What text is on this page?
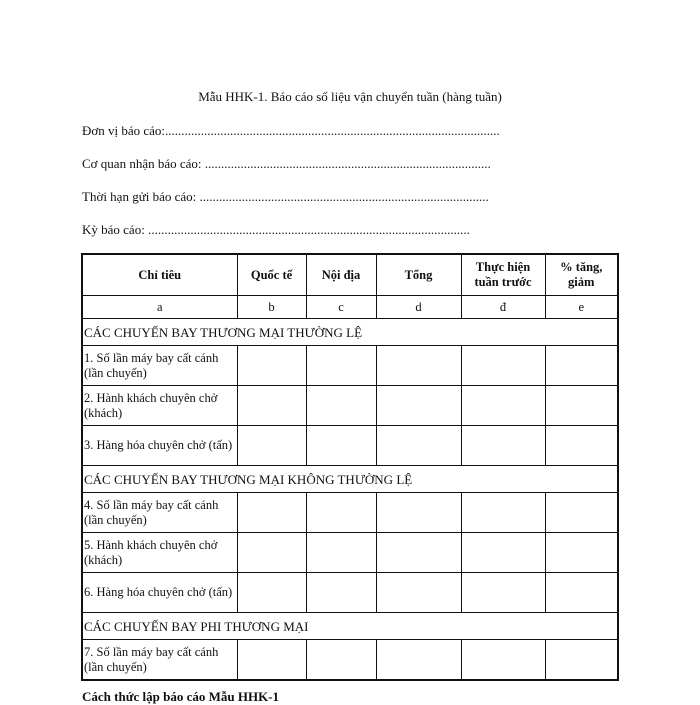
Mẫu HHK-1. Báo cáo số liệu vận chuyển tuần (hàng tuần)
Đơn vị báo cáo:.......................................................................................................
Cơ quan nhận báo cáo: ........................................................................................
Thời hạn gửi báo cáo: .........................................................................................
Kỳ báo cáo: ...................................................................................................
Chỉ tiêu	Quốc tế	Nội địa	Tổng	Thực hiện tuần trước	% tăng, giảm
a	b	c	d	đ	e
CÁC CHUYẾN BAY THƯƠNG MẠI THƯỜNG LỆ					
1. Số lần máy bay cất cánh (lần chuyến)					
2. Hành khách chuyên chở (khách)					
3. Hàng hóa chuyên chở (tấn)					
CÁC CHUYẾN BAY THƯƠNG MẠI KHÔNG THƯỜNG LỆ					
4. Số lần máy bay cất cánh (lần chuyến)					
5. Hành khách chuyên chở (khách)					
6. Hàng hóa chuyên chở (tấn)					
CÁC CHUYẾN BAY PHI THƯƠNG MẠI					
7. Số lần máy bay cất cánh (lần chuyến)					
Cách thức lập báo cáo Mẫu HHK-1
